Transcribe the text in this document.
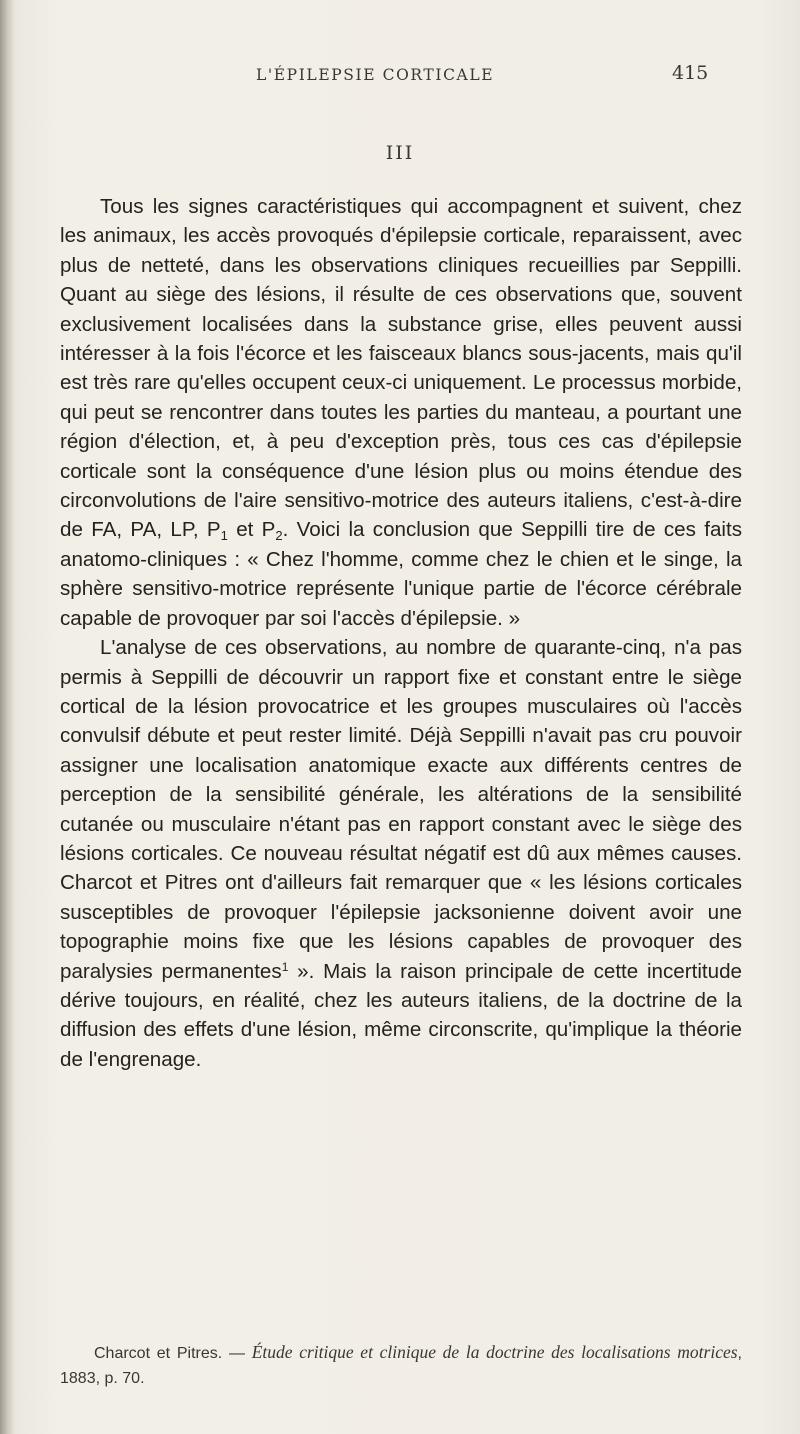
L'ÉPILEPSIE CORTICALE	415
III

Tous les signes caractéristiques qui accompagnent et suivent, chez les animaux, les accès provoqués d'épilepsie corticale, reparaissent, avec plus de netteté, dans les observations cliniques recueillies par Seppilli. Quant au siège des lésions, il résulte de ces observations que, souvent exclusivement localisées dans la substance grise, elles peuvent aussi intéresser à la fois l'écorce et les faisceaux blancs sous-jacents, mais qu'il est très rare qu'elles occupent ceux-ci uniquement. Le processus morbide, qui peut se rencontrer dans toutes les parties du manteau, a pourtant une région d'élection, et, à peu d'exception près, tous ces cas d'épilepsie corticale sont la conséquence d'une lésion plus ou moins étendue des circonvolutions de l'aire sensitivo-motrice des auteurs italiens, c'est-à-dire de FA, PA, LP, $P_1$ et $P_2$. Voici la conclusion que Seppilli tire de ces faits anatomo-cliniques : « Chez l'homme, comme chez le chien et le singe, la sphère sensitivo-motrice représente l'unique partie de l'écorce cérébrale capable de provoquer par soi l'accès d'épilepsie. »

L'analyse de ces observations, au nombre de quarante-cinq, n'a pas permis à Seppilli de découvrir un rapport fixe et constant entre le siège cortical de la lésion provocatrice et les groupes musculaires où l'accès convulsif débute et peut rester limité. Déjà Seppilli n'avait pas cru pouvoir assigner une localisation anatomique exacte aux différents centres de perception de la sensibilité générale, les altérations de la sensibilité cutanée ou musculaire n'étant pas en rapport constant avec le siège des lésions corticales. Ce nouveau résultat négatif est dû aux mêmes causes. Charcot et Pitres ont d'ailleurs fait remarquer que « les lésions corticales susceptibles de provoquer l'épilepsie jacksonienne doivent avoir une topographie moins fixe que les lésions capables de provoquer des paralysies permanentes$^1$ ». Mais la raison principale de cette incertitude dérive toujours, en réalité, chez les auteurs italiens, de la doctrine de la diffusion des effets d'une lésion, même circonscrite, qu'implique la théorie de l'engrenage.

Charcot et Pitres. — Étude critique et clinique de la doctrine des localisations motrices, 1883, p. 70.
